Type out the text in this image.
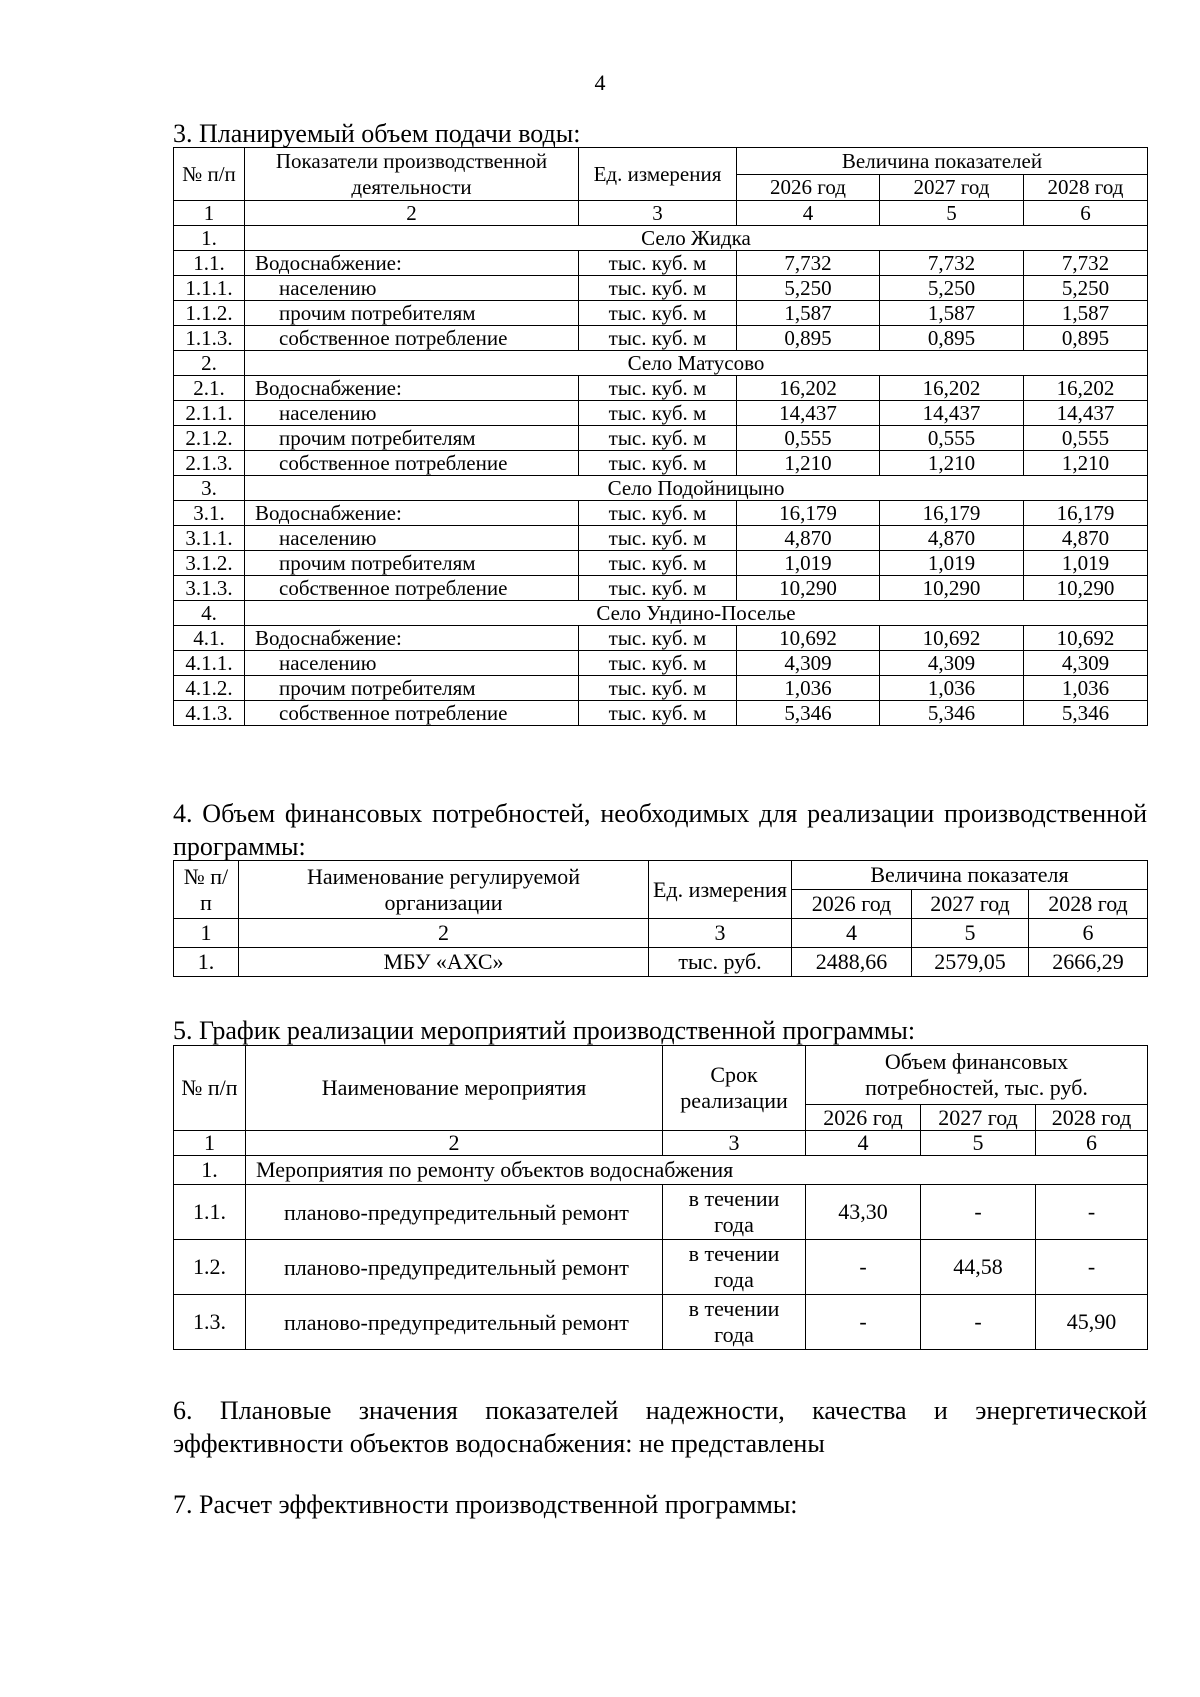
4

3. Планируемый объем подачи воды:

№ п/п	Показатели производственной деятельности	Ед. измерения	Величина показателей		
			2026 год	2027 год	2028 год
1	2	3	4	5	6
1.	Село Жидка				
1.1.	Водоснабжение:	тыс. куб. м	7,732	7,732	7,732
1.1.1.	населению	тыс. куб. м	5,250	5,250	5,250
1.1.2.	прочим потребителям	тыс. куб. м	1,587	1,587	1,587
1.1.3.	собственное потребление	тыс. куб. м	0,895	0,895	0,895
2.	Село Матусово				
2.1.	Водоснабжение:	тыс. куб. м	16,202	16,202	16,202
2.1.1.	населению	тыс. куб. м	14,437	14,437	14,437
2.1.2.	прочим потребителям	тыс. куб. м	0,555	0,555	0,555
2.1.3.	собственное потребление	тыс. куб. м	1,210	1,210	1,210
3.	Село Подойницыно				
3.1.	Водоснабжение:	тыс. куб. м	16,179	16,179	16,179
3.1.1.	населению	тыс. куб. м	4,870	4,870	4,870
3.1.2.	прочим потребителям	тыс. куб. м	1,019	1,019	1,019
3.1.3.	собственное потребление	тыс. куб. м	10,290	10,290	10,290
4.	Село Ундино-Поселье				
4.1.	Водоснабжение:	тыс. куб. м	10,692	10,692	10,692
4.1.1.	населению	тыс. куб. м	4,309	4,309	4,309
4.1.2.	прочим потребителям	тыс. куб. м	1,036	1,036	1,036
4.1.3.	собственное потребление	тыс. куб. м	5,346	5,346	5,346

4. Объем финансовых потребностей, необходимых для реализации производственной программы:

№ п/п	Наименование регулируемой организации	Ед. измерения	Величина показателя		
			2026 год	2027 год	2028 год
1	2	3	4	5	6
1.	МБУ «АХС»	тыс. руб.	2488,66	2579,05	2666,29

5. График реализации мероприятий производственной программы:

№ п/п	Наименование мероприятия	Срок реализации	Объем финансовых потребностей, тыс. руб.		
			2026 год	2027 год	2028 год
1	2	3	4	5	6
1.	Мероприятия по ремонту объектов водоснабжения				
1.1.	планово-предупредительный ремонт	в течении года	43,30	-	-
1.2.	планово-предупредительный ремонт	в течении года	-	44,58	-
1.3.	планово-предупредительный ремонт	в течении года	-	-	45,90

6. Плановые значения показателей надежности, качества и энергетической эффективности объектов водоснабжения: не представлены

7. Расчет эффективности производственной программы:
